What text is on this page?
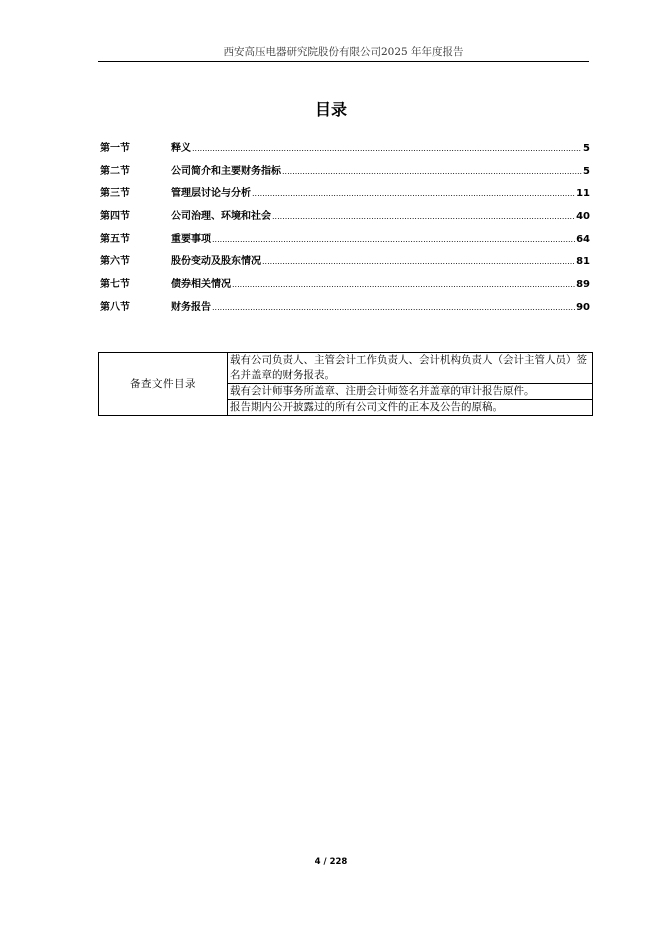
西安高压电器研究院股份有限公司2025 年年度报告
目录
第一节	释义 .....	5
第二节	公司简介和主要财务指标 .....	5
第三节	管理层讨论与分析 .....	11
第四节	公司治理、环境和社会 .....	40
第五节	重要事项 .....	64
第六节	股份变动及股东情况 .....	81
第七节	债券相关情况 .....	89
第八节	财务报告 .....	90
备查文件目录	载有公司负责人、主管会计工作负责人、会计机构负责人（会计主管人员）签名并盖章的财务报表。
载有会计师事务所盖章、注册会计师签名并盖章的审计报告原件。
报告期内公开披露过的所有公司文件的正本及公告的原稿。
4 / 228
